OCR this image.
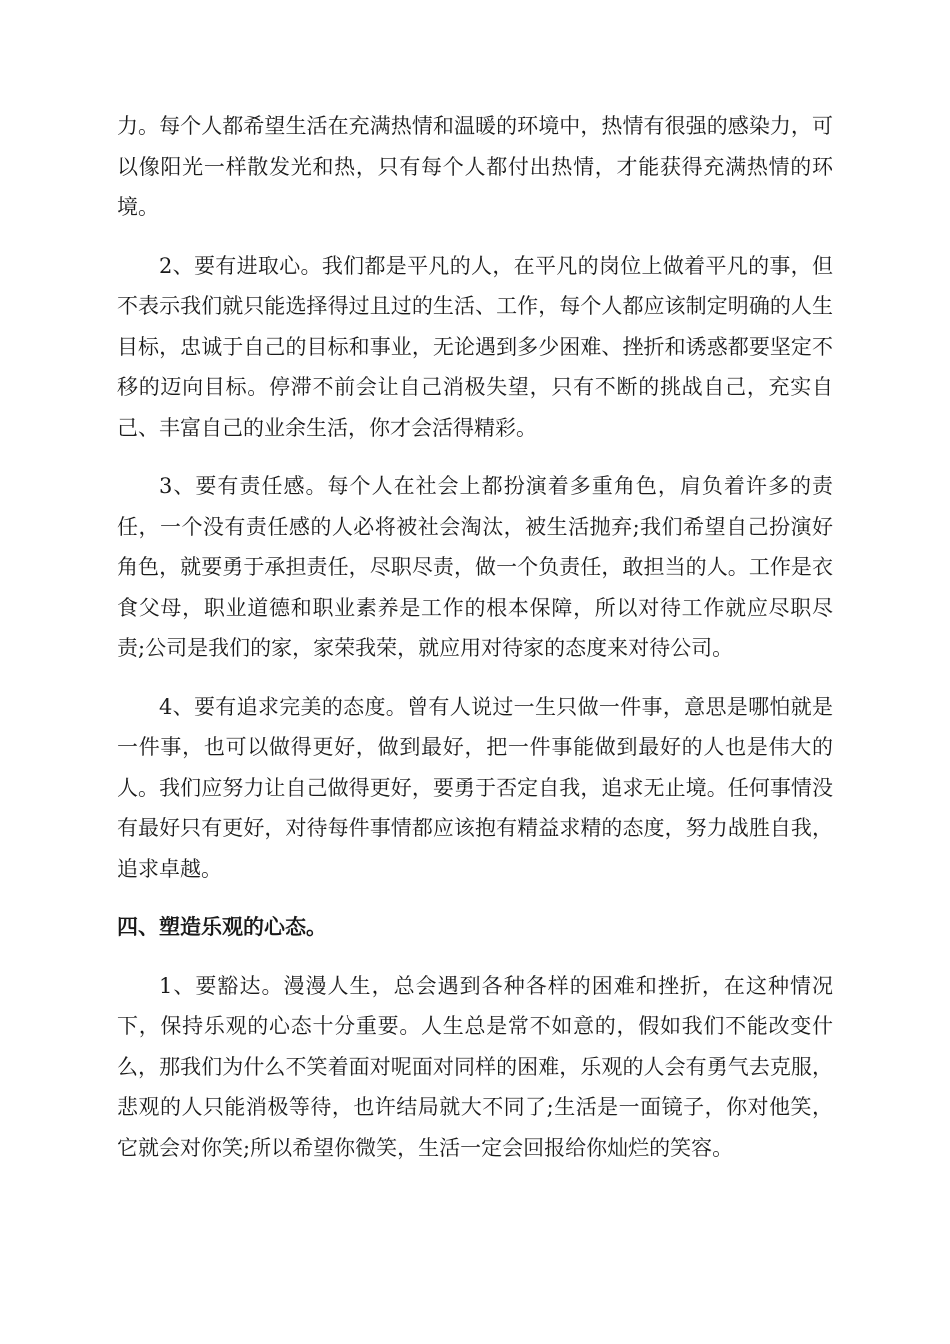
力。每个人都希望生活在充满热情和温暖的环境中，热情有很强的感染力，可以像阳光一样散发光和热，只有每个人都付出热情，才能获得充满热情的环境。

2、要有进取心。我们都是平凡的人，在平凡的岗位上做着平凡的事，但不表示我们就只能选择得过且过的生活、工作，每个人都应该制定明确的人生目标，忠诚于自己的目标和事业，无论遇到多少困难、挫折和诱惑都要坚定不移的迈向目标。停滞不前会让自己消极失望，只有不断的挑战自己，充实自己、丰富自己的业余生活，你才会活得精彩。

3、要有责任感。每个人在社会上都扮演着多重角色，肩负着许多的责任，一个没有责任感的人必将被社会淘汰，被生活抛弃;我们希望自己扮演好角色，就要勇于承担责任，尽职尽责，做一个负责任，敢担当的人。工作是衣食父母，职业道德和职业素养是工作的根本保障，所以对待工作就应尽职尽责;公司是我们的家，家荣我荣，就应用对待家的态度来对待公司。

4、要有追求完美的态度。曾有人说过一生只做一件事，意思是哪怕就是一件事，也可以做得更好，做到最好，把一件事能做到最好的人也是伟大的人。我们应努力让自己做得更好，要勇于否定自我，追求无止境。任何事情没有最好只有更好，对待每件事情都应该抱有精益求精的态度，努力战胜自我，追求卓越。

四、塑造乐观的心态。

1、要豁达。漫漫人生，总会遇到各种各样的困难和挫折，在这种情况下，保持乐观的心态十分重要。人生总是常不如意的，假如我们不能改变什么，那我们为什么不笑着面对呢面对同样的困难，乐观的人会有勇气去克服，悲观的人只能消极等待，也许结局就大不同了;生活是一面镜子，你对他笑，它就会对你笑;所以希望你微笑，生活一定会回报给你灿烂的笑容。
